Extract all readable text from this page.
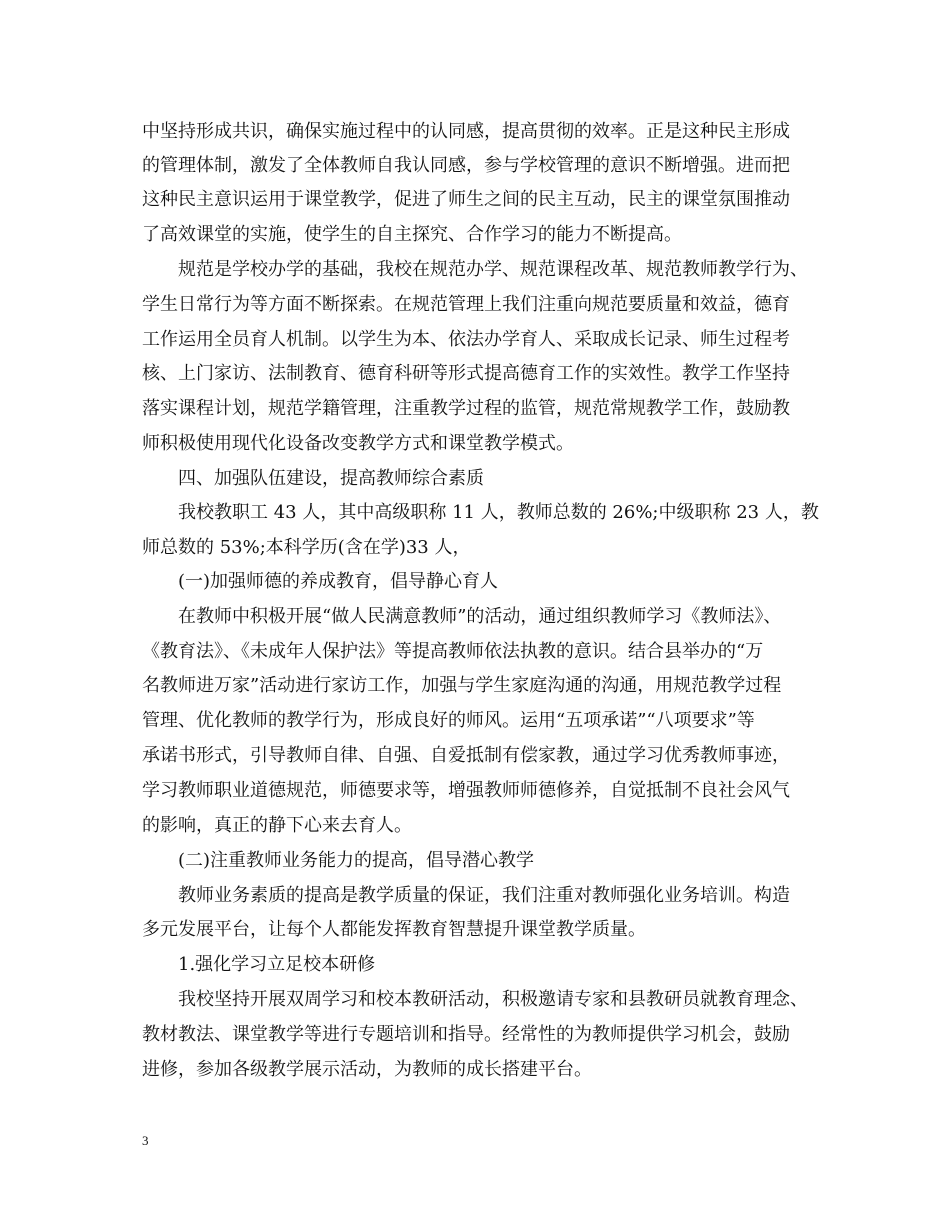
中坚持形成共识，确保实施过程中的认同感，提高贯彻的效率。正是这种民主形成
的管理体制，激发了全体教师自我认同感，参与学校管理的意识不断增强。进而把
这种民主意识运用于课堂教学，促进了师生之间的民主互动，民主的课堂氛围推动
了高效课堂的实施，使学生的自主探究、合作学习的能力不断提高。
规范是学校办学的基础，我校在规范办学、规范课程改革、规范教师教学行为、
学生日常行为等方面不断探索。在规范管理上我们注重向规范要质量和效益，德育
工作运用全员育人机制。以学生为本、依法办学育人、采取成长记录、师生过程考
核、上门家访、法制教育、德育科研等形式提高德育工作的实效性。教学工作坚持
落实课程计划，规范学籍管理，注重教学过程的监管，规范常规教学工作，鼓励教
师积极使用现代化设备改变教学方式和课堂教学模式。
四、加强队伍建设，提高教师综合素质
我校教职工 43 人，其中高级职称 11 人，教师总数的 26%;中级职称 23 人，教
师总数的 53%;本科学历(含在学)33 人，
(一)加强师德的养成教育，倡导静心育人
在教师中积极开展“做人民满意教师”的活动，通过组织教师学习《教师法》、
《教育法》、《未成年人保护法》等提高教师依法执教的意识。结合县举办的“万
名教师进万家”活动进行家访工作，加强与学生家庭沟通的沟通，用规范教学过程
管理、优化教师的教学行为，形成良好的师风。运用“五项承诺”“八项要求”等
承诺书形式，引导教师自律、自强、自爱抵制有偿家教，通过学习优秀教师事迹，
学习教师职业道德规范，师德要求等，增强教师师德修养，自觉抵制不良社会风气
的影响，真正的静下心来去育人。
(二)注重教师业务能力的提高，倡导潜心教学
教师业务素质的提高是教学质量的保证，我们注重对教师强化业务培训。构造
多元发展平台，让每个人都能发挥教育智慧提升课堂教学质量。
1.强化学习立足校本研修
我校坚持开展双周学习和校本教研活动，积极邀请专家和县教研员就教育理念、
教材教法、课堂教学等进行专题培训和指导。经常性的为教师提供学习机会，鼓励
进修，参加各级教学展示活动，为教师的成长搭建平台。
3
